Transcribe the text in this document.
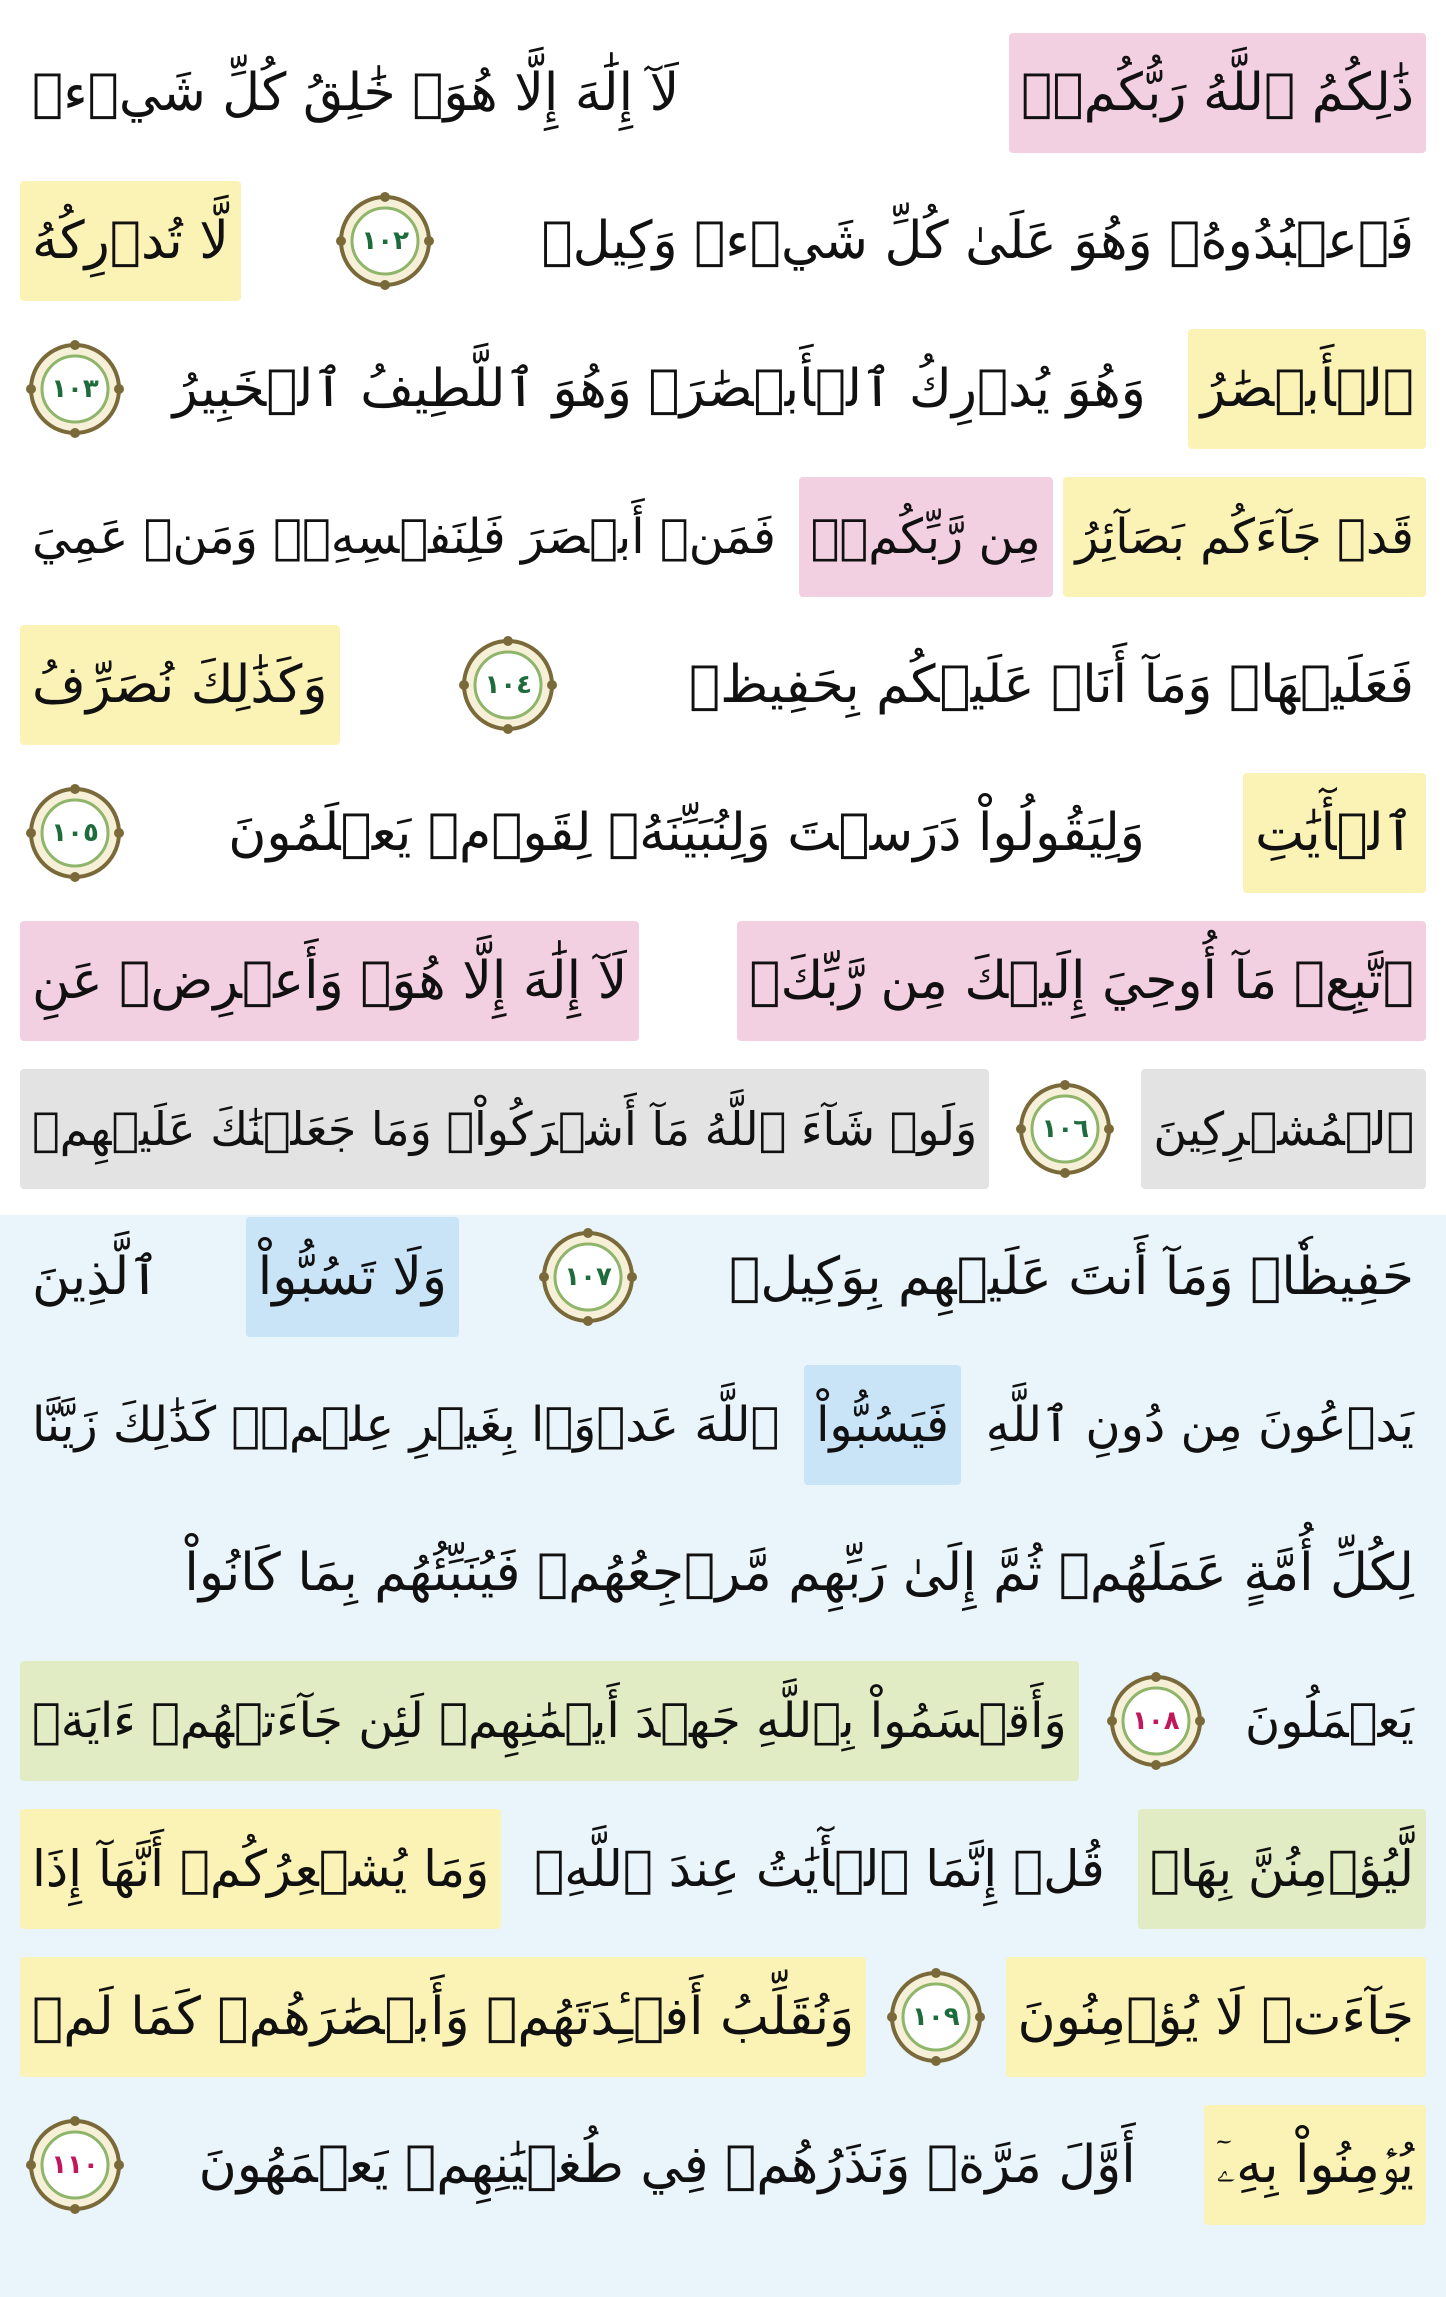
ذَٰلِكُمُ ٱللَّهُ رَبُّكُمۡۖ
لَآ إِلَٰهَ إِلَّا هُوَۖ خَٰلِقُ كُلِّ شَيۡءٖ
فَٱعۡبُدُوهُۚ وَهُوَ عَلَىٰ كُلِّ شَيۡءٖ وَكِيلٞ
١٠٢
لَّا تُدۡرِكُهُ
ٱلۡأَبۡصَٰرُ
وَهُوَ يُدۡرِكُ ٱلۡأَبۡصَٰرَۖ وَهُوَ ٱللَّطِيفُ ٱلۡخَبِيرُ
١٠٣
قَدۡ جَآءَكُم بَصَآئِرُ
مِن رَّبِّكُمۡۖ
فَمَنۡ أَبۡصَرَ فَلِنَفۡسِهِۦۖ وَمَنۡ عَمِيَ
فَعَلَيۡهَاۚ وَمَآ أَنَا۠ عَلَيۡكُم بِحَفِيظٖ
١٠٤
وَكَذَٰلِكَ نُصَرِّفُ
ٱلۡأٓيَٰتِ
وَلِيَقُولُواْ دَرَسۡتَ وَلِنُبَيِّنَهُۥ لِقَوۡمٖ يَعۡلَمُونَ
١٠٥
ٱتَّبِعۡ مَآ أُوحِيَ إِلَيۡكَ مِن رَّبِّكَۖ
لَآ إِلَٰهَ إِلَّا هُوَۖ وَأَعۡرِضۡ عَنِ
ٱلۡمُشۡرِكِينَ
١٠٦
وَلَوۡ شَآءَ ٱللَّهُ مَآ أَشۡرَكُواْۗ وَمَا جَعَلۡنَٰكَ عَلَيۡهِمۡ
حَفِيظٗاۖ وَمَآ أَنتَ عَلَيۡهِم بِوَكِيلٖ
١٠٧
وَلَا تَسُبُّواْ
ٱلَّذِينَ
يَدۡعُونَ مِن دُونِ ٱللَّهِ
فَيَسُبُّواْ
ٱللَّهَ عَدۡوَۢا بِغَيۡرِ عِلۡمٖۗ كَذَٰلِكَ زَيَّنَّا
لِكُلِّ أُمَّةٍ عَمَلَهُمۡ ثُمَّ إِلَىٰ رَبِّهِم مَّرۡجِعُهُمۡ فَيُنَبِّئُهُم بِمَا كَانُواْ
يَعۡمَلُونَ
١٠٨
وَأَقۡسَمُواْ بِٱللَّهِ جَهۡدَ أَيۡمَٰنِهِمۡ لَئِن جَآءَتۡهُمۡ ءَايَةٞ
لَّيُؤۡمِنُنَّ بِهَاۚ
قُلۡ إِنَّمَا ٱلۡأٓيَٰتُ عِندَ ٱللَّهِۖ
وَمَا يُشۡعِرُكُمۡ أَنَّهَآ إِذَا
جَآءَتۡ لَا يُؤۡمِنُونَ
١٠٩
وَنُقَلِّبُ أَفۡـِٔدَتَهُمۡ وَأَبۡصَٰرَهُمۡ كَمَا لَمۡ
يُؤۡمِنُواْ بِهِۦٓ
أَوَّلَ مَرَّةٖ وَنَذَرُهُمۡ فِي طُغۡيَٰنِهِمۡ يَعۡمَهُونَ
١١٠
